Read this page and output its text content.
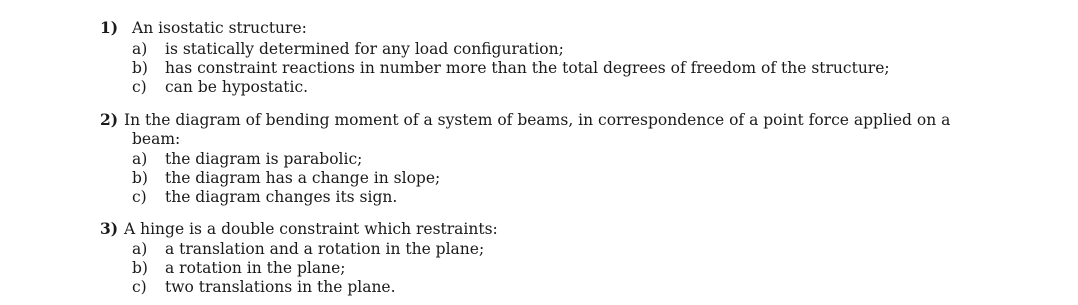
1) An isostatic structure:
a) is statically determined for any load configuration;
b) has constraint reactions in number more than the total degrees of freedom of the structure;
c) can be hypostatic.
2) In the diagram of bending moment of a system of beams, in correspondence of a point force applied on a
beam:
a) the diagram is parabolic;
b) the diagram has a change in slope;
c) the diagram changes its sign.
3) A hinge is a double constraint which restraints:
a) a translation and a rotation in the plane;
b) a rotation in the plane;
c) two translations in the plane.
